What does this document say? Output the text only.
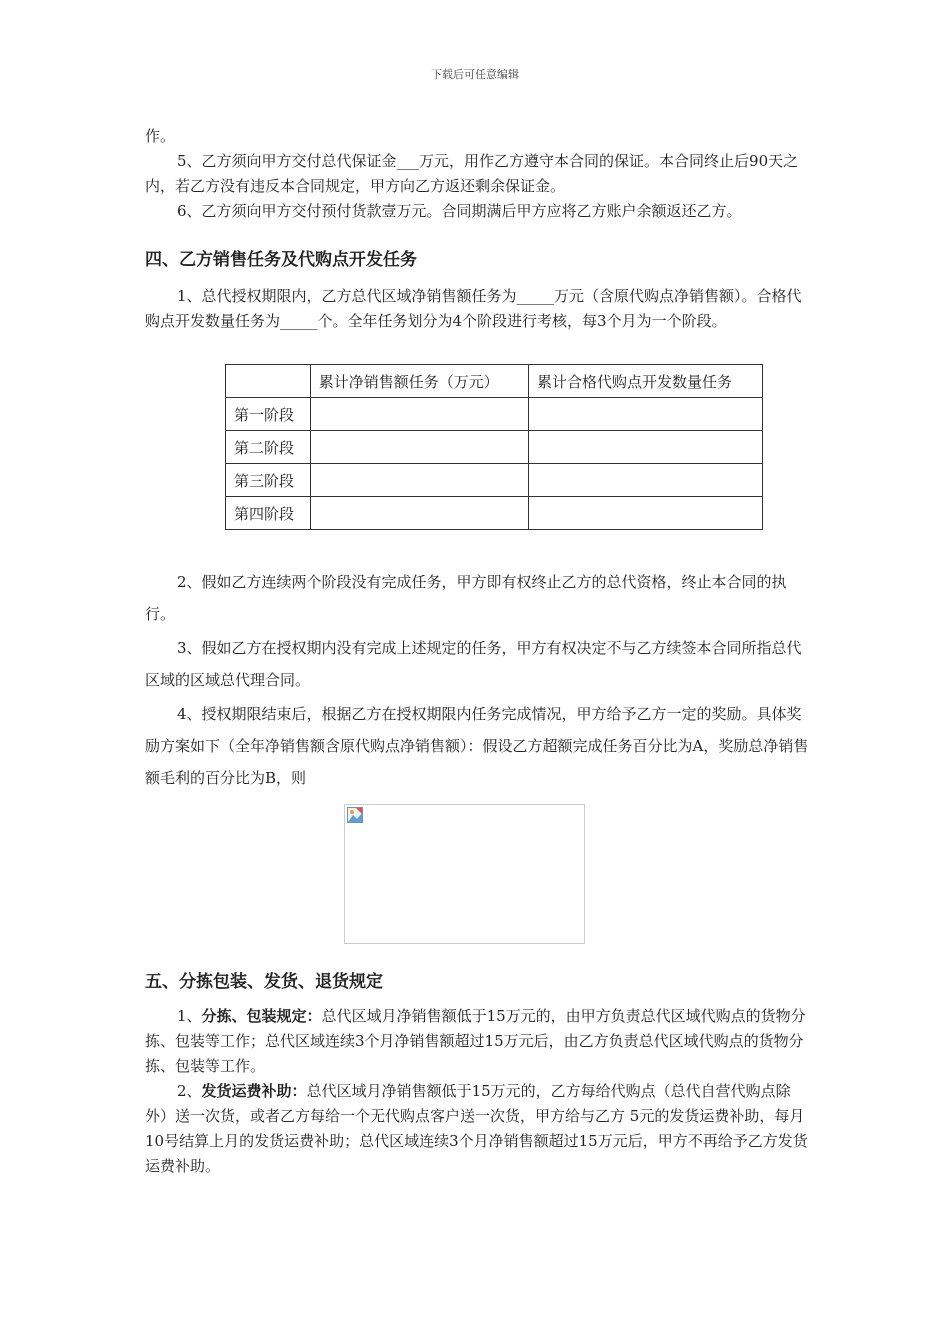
下载后可任意编辑

作。

5、乙方须向甲方交付总代保证金___万元，用作乙方遵守本合同的保证。本合同终止后90天之内，若乙方没有违反本合同规定，甲方向乙方返还剩余保证金。

6、乙方须向甲方交付预付货款壹万元。合同期满后甲方应将乙方账户余额返还乙方。

四、乙方销售任务及代购点开发任务

1、总代授权期限内，乙方总代区域净销售额任务为_____万元（含原代购点净销售额）。合格代购点开发数量任务为_____个。全年任务划分为4个阶段进行考核，每3个月为一个阶段。

	累计净销售额任务（万元）	累计合格代购点开发数量任务
第一阶段		
第二阶段		
第三阶段		
第四阶段		

2、假如乙方连续两个阶段没有完成任务，甲方即有权终止乙方的总代资格，终止本合同的执行。

3、假如乙方在授权期内没有完成上述规定的任务，甲方有权决定不与乙方续签本合同所指总代区域的区域总代理合同。

4、授权期限结束后，根据乙方在授权期限内任务完成情况，甲方给予乙方一定的奖励。具体奖励方案如下（全年净销售额含原代购点净销售额）：假设乙方超额完成任务百分比为A，奖励总净销售额毛利的百分比为B，则

五、分拣包装、发货、退货规定

1、分拣、包装规定：总代区域月净销售额低于15万元的，由甲方负责总代区域代购点的货物分拣、包装等工作；总代区域连续3个月净销售额超过15万元后，由乙方负责总代区域代购点的货物分拣、包装等工作。

2、发货运费补助：总代区域月净销售额低于15万元的，乙方每给代购点（总代自营代购点除外）送一次货，或者乙方每给一个无代购点客户送一次货，甲方给与乙方 5元的发货运费补助，每月10号结算上月的发货运费补助；总代区域连续3个月净销售额超过15万元后，甲方不再给予乙方发货运费补助。
